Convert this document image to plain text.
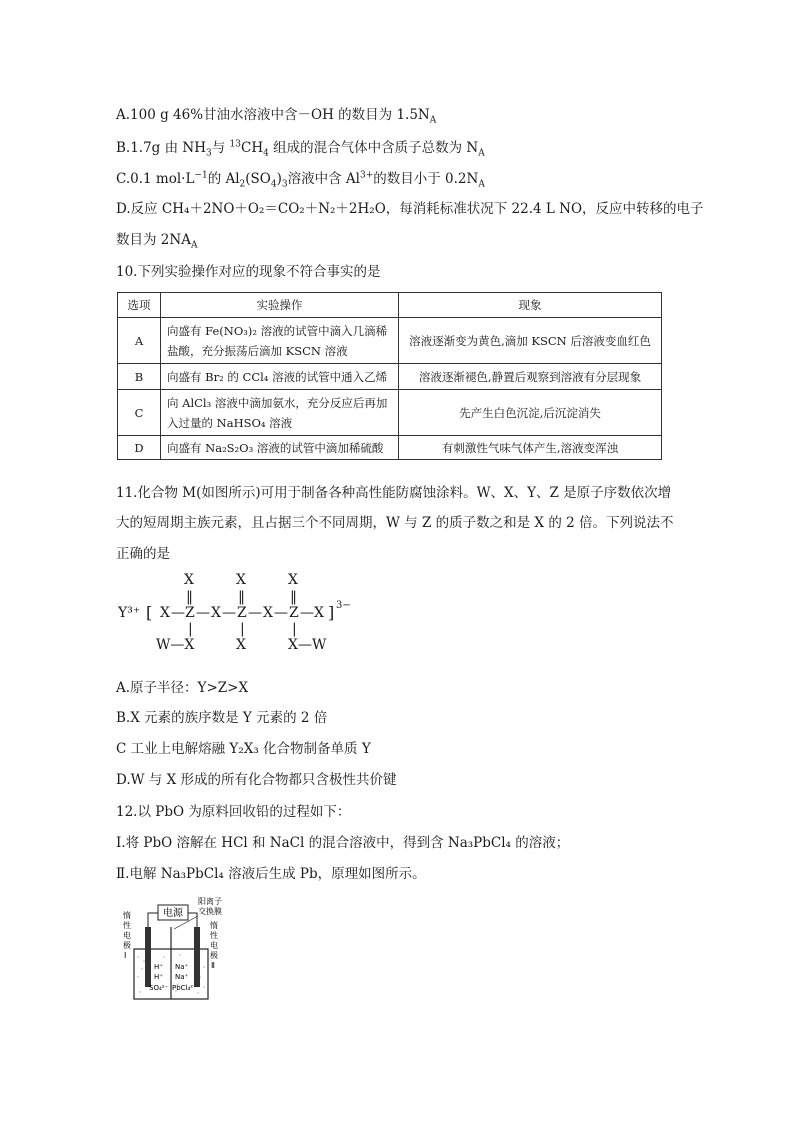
A.100 g 46%甘油水溶液中含－OH 的数目为 $1.5N_A$
B.1.7g 由 $NH_3$与 $^{13}CH_4$ 组成的混合气体中含质子总数为 $N_A$
C.0.1 $mol\cdot L^{-1}$的 $Al_2(SO_4)_3$溶液中含 $Al^{3+}$的数目小于 $0.2N_A$
D.反应 CH₄＋2NO＋O₂＝CO₂＋N₂＋2H₂O，每消耗标准状况下 22.4 L NO，反应中转移的电子
数目为 $2NA_A$
10.下列实验操作对应的现象不符合事实的是
选项	实验操作	现象
A	向盛有 Fe(NO₃)₂ 溶液的试管中滴入几滴稀盐酸，充分振荡后滴加 KSCN 溶液	溶液逐渐变为黄色,滴加 KSCN 后溶液变血红色
B	向盛有 Br₂ 的 CCl₄ 溶液的试管中通入乙烯	溶液逐渐褪色,静置后观察到溶液有分层现象
C	向 AlCl₃ 溶液中滴加氨水，充分反应后再加入过量的 NaHSO₄ 溶液	先产生白色沉淀,后沉淀消失
D	向盛有 Na₂S₂O₃ 溶液的试管中滴加稀硫酸	有刺激性气味气体产生,溶液变浑浊
11.化合物 M(如图所示)可用于制备各种高性能防腐蚀涂料。W、X、Y、Z 是原子序数依次增
大的短周期主族元素，且占据三个不同周期，W 与 Z 的质子数之和是 X 的 2 倍。下列说法不
正确的是
X	X	X
‖	‖	‖
Y³⁺ [ X — Z — X — Z — X — Z — X ] 3−
|	|	|
W—X	X	X—W
A.原子半径：Y>Z>X
B.X 元素的族序数是 Y 元素的 2 倍
C 工业上电解熔融 Y₂X₃ 化合物制备单质 Y
D.W 与 X 形成的所有化合物都只含极性共价键
12.以 PbO 为原料回收铅的过程如下：
Ⅰ.将 PbO 溶解在 HCl 和 NaCl 的混合溶液中，得到含 Na₃PbCl₄ 的溶液；
Ⅱ.电解 Na₃PbCl₄ 溶液后生成 Pb，原理如图所示。
电源
阳离子
交换膜
惰
性
电
极
Ⅰ
惰
性
电
极
Ⅱ
H⁺
H⁺
SO₄²⁻
Na⁺
Na⁺
PbCl₄²⁻
